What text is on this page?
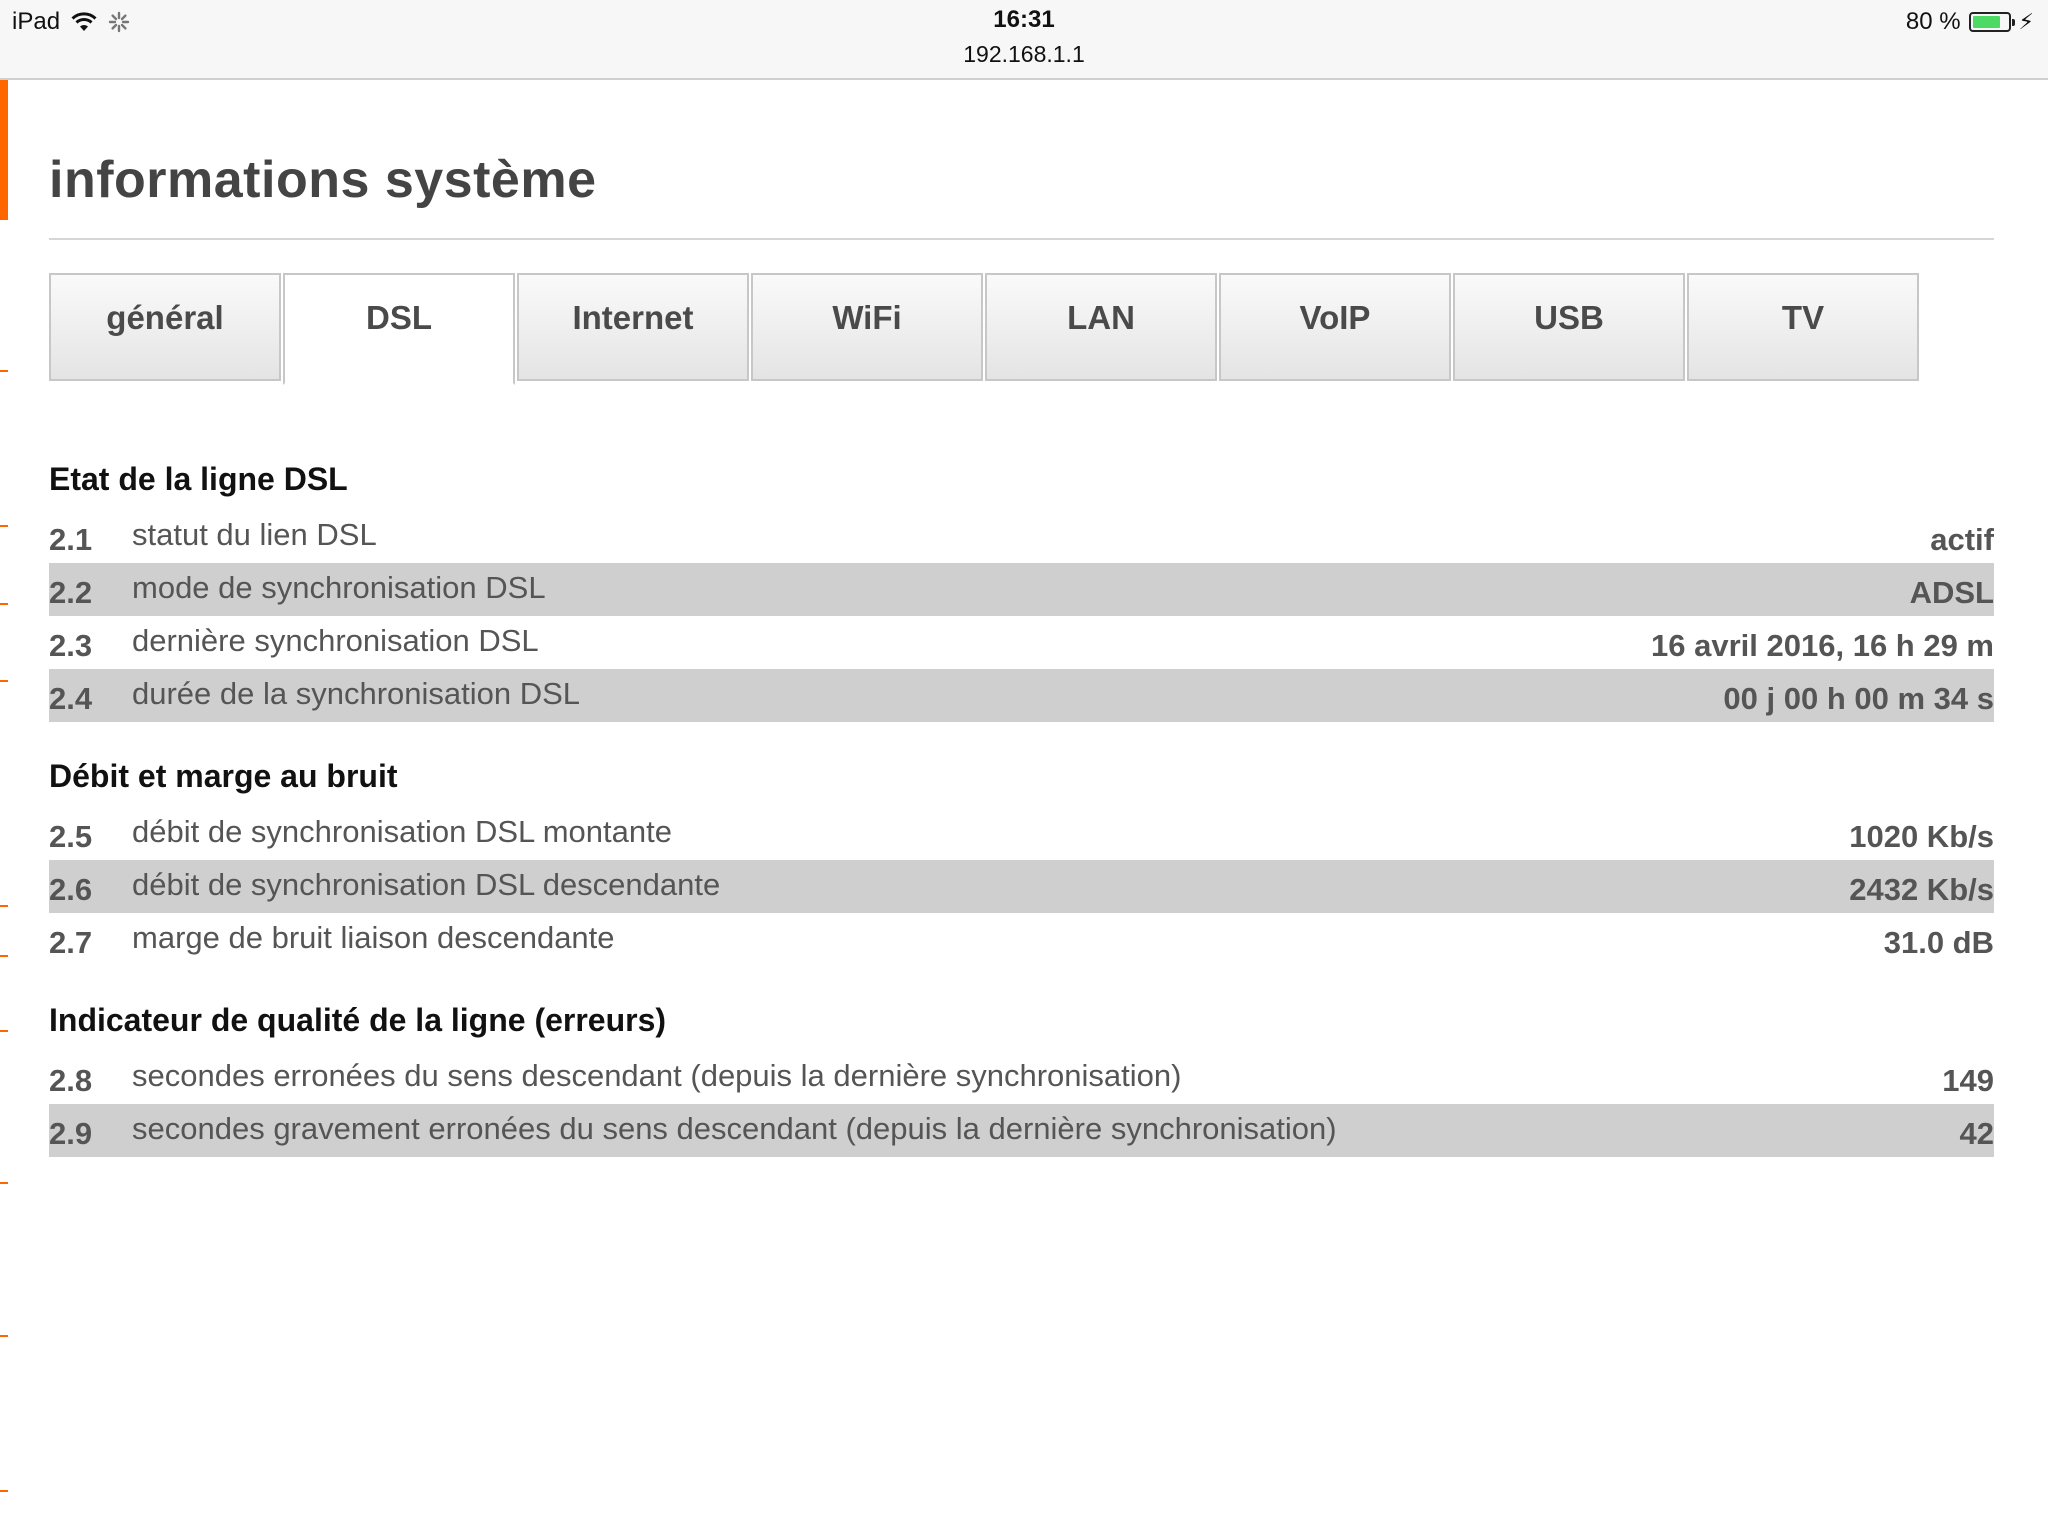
iPad	16:31
192.168.1.1
80 %	⚡
informations système
général	DSL	Internet	WiFi	LAN	VoIP	USB	TV
Etat de la ligne DSL
2.1	statut du lien DSL	actif
2.2	mode de synchronisation DSL	ADSL
2.3	dernière synchronisation DSL	16 avril 2016, 16 h 29 m
2.4	durée de la synchronisation DSL	00 j 00 h 00 m 34 s
Débit et marge au bruit
2.5	débit de synchronisation DSL montante	1020 Kb/s
2.6	débit de synchronisation DSL descendante	2432 Kb/s
2.7	marge de bruit liaison descendante	31.0 dB
Indicateur de qualité de la ligne (erreurs)
2.8	secondes erronées du sens descendant (depuis la dernière synchronisation)	149
2.9	secondes gravement erronées du sens descendant (depuis la dernière synchronisation)	42
